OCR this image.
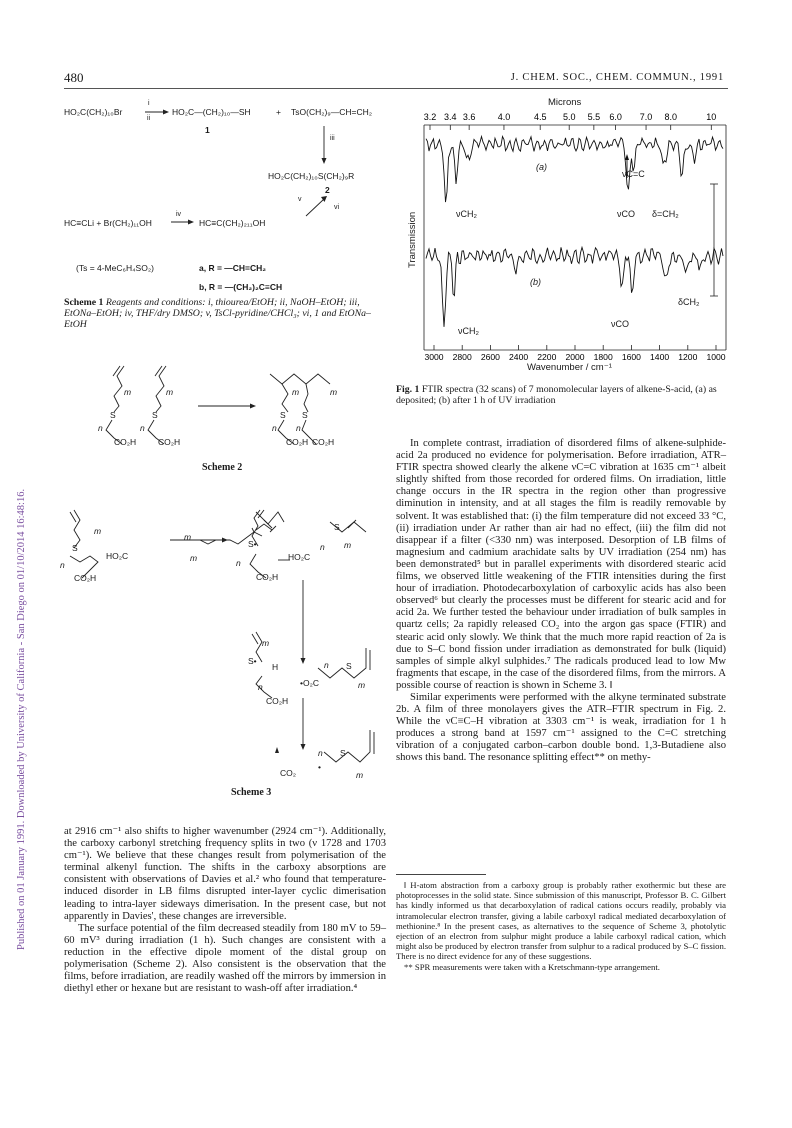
Published on 01 January 1991. Downloaded by University of California - San Diego on 01/10/2014 16:48:16.
480	J. CHEM. SOC., CHEM. COMMUN., 1991
HO₂C(CH₂)₁₀Br
i
ii
HO₂C—(CH₂)₁₀—SH	+ TsO(CH₂)₉—CH=CH₂
1
iii
HO₂C(CH₂)₁₀S(CH₂)₉R
2
v
vi
HC≡CLi + Br(CH₂)₁₁OH
iv
HC≡C(CH₂)₂₁₁OH
(Ts = 4-MeC₆H₄SO₂)	a, R = —CH=CH₂
b, R = —(CH₂)₂C≡CH
Scheme 1 Reagents and conditions: i, thiourea/EtOH; ii, NaOH–EtOH; iii, EtONa–EtOH; iv, THF/dry DMSO; v, TsCl-pyridine/CHCl₃; vi, 1 and EtONa–EtOH
m	m	m	m
S	S	S S
n	n	n n
CO₂H	CO₂H	CO₂H CO₂H
Scheme 2
m
S
HO₂C
n
CO₂H
m
m
n
S
m
S•
HO₂C
n
CO₂H
m
S•
H
•O₂C
n S
m
n
CO₂H
n S
m
•
CO₂
Scheme 3

at 2916 cm⁻¹ also shifts to higher wavenumber (2924 cm⁻¹). Additionally, the carboxy carbonyl stretching frequency splits in two (ν 1728 and 1703 cm⁻¹). We believe that these changes result from polymerisation of the terminal alkenyl function. The shifts in the carboxy absorptions are consistent with observations of Davies et al.² who found that temperature-induced disorder in LB films disrupted inter-layer cyclic dimerisation leading to intra-layer sideways dimerisation. In the present case, but not apparently in Davies', these changes are irreversible.

The surface potential of the film decreased steadily from 180 mV to 59–60 mV³ during irradiation (1 h). Such changes are consistent with a reduction in the effective dipole moment of the distal group on polymerisation (Scheme 2). Also consistent is the observation that the films, before irradiation, are readily washed off the mirrors by immersion in diethyl ether or hexane but are resistant to wash-off after irradiation.⁴

Microns
3.2 3.4 3.6 4.0	4.5 5.0 5.5 6.0 7.0 8.0	10
3000 2800 2600 2400 2200 2000 1800 1600 1400 1200 1000
Transmission
(a)
(b)
νCH₂	νCO δ=CH₂
νC=C
νCH₂
νCO
δCH₂
Wavenumber / cm⁻¹
Fig. 1 FTIR spectra (32 scans) of 7 monomolecular layers of alkene-S-acid, (a) as deposited; (b) after 1 h of UV irradiation

In complete contrast, irradiation of disordered films of alkene-sulphide-acid 2a produced no evidence for polymerisation. Before irradiation, ATR–FTIR spectra showed clearly the alkene νC=C vibration at 1635 cm⁻¹ albeit slightly shifted from those recorded for ordered films. On irradiation, little change occurs in the IR spectra in the region other than progressive diminution in intensity, and at all stages the film is readily removable by solvent. It was established that: (i) the film temperature did not exceed 33 °C, (ii) irradiation under Ar rather than air had no effect, (iii) the film did not disappear if a filter (<330 nm) was interposed. Desorption of LB films of magnesium and cadmium arachidate salts by UV irradiation (254 nm) has been demonstrated⁵ but in parallel experiments with disordered stearic acid films, we observed little weakening of the FTIR intensities during the first hour of irradiation. Photodecarboxylation of carboxylic acids has also been observed⁶ but clearly the processes must be different for stearic acid and for acid 2a. We further tested the behaviour under irradiation of bulk samples in quartz cells; 2a rapidly released CO₂ into the argon gas space (FTIR) and stearic acid only slowly. We think that the much more rapid reaction of 2a is due to S–C bond fission under irradiation as demonstrated for bulk (liquid) samples of simple alkyl sulphides.⁷ The radicals produced lead to low Mw fragments that escape, in the case of the disordered films, from the mirrors. A possible course of reaction is shown in Scheme 3. ‖

Similar experiments were performed with the alkyne terminated substrate 2b. A film of three monolayers gives the ATR–FTIR spectrum in Fig. 2. While the νC≡C–H vibration at 3303 cm⁻¹ is weak, irradiation for 1 h produces a strong band at 1597 cm⁻¹ assigned to the C=C stretching vibration of a conjugated carbon–carbon double bond. 1,3-Butadiene also shows this band. The resonance splitting effect** on methy-

‖ H-atom abstraction from a carboxy group is probably rather exothermic but these are photoprocesses in the solid state. Since submission of this manuscript, Professor B. C. Gilbert has kindly informed us that decarboxylation of radical cations occurs readily, probably via intramolecular electron transfer, giving a labile carboxyl radical mediated decarboxylation of methionine.⁸ In the present cases, as alternatives to the sequence of Scheme 3, photolytic ejection of an electron from sulphur might produce a labile carboxyl radical cation, which might also be produced by electron transfer from sulphur to a radical produced by S–C fission. There is no direct evidence for any of these suggestions.

** SPR measurements were taken with a Kretschmann-type arrangement.
